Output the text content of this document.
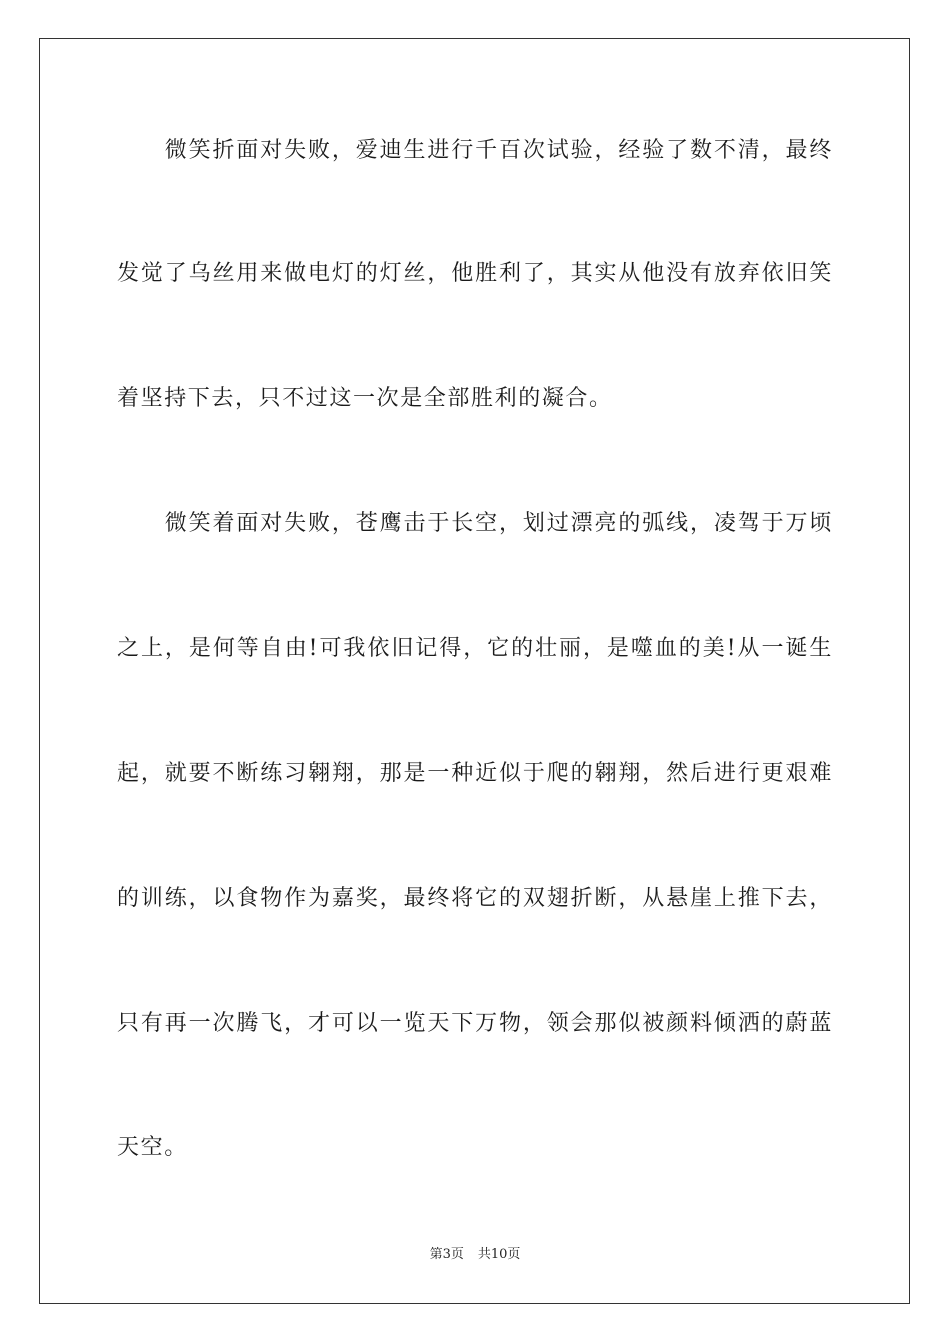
　　微笑折面对失败，爱迪生进行千百次试验，经验了数不清，最终
发觉了乌丝用来做电灯的灯丝，他胜利了，其实从他没有放弃依旧笑
着坚持下去，只不过这一次是全部胜利的凝合。
　　微笑着面对失败，苍鹰击于长空，划过漂亮的弧线，凌驾于万顷
之上，是何等自由!可我依旧记得，它的壮丽，是噬血的美!从一诞生
起，就要不断练习翱翔，那是一种近似于爬的翱翔，然后进行更艰难
的训练，以食物作为嘉奖，最终将它的双翅折断，从悬崖上推下去，
只有再一次腾飞，才可以一览天下万物，领会那似被颜料倾洒的蔚蓝
天空。
第3页 共10页
